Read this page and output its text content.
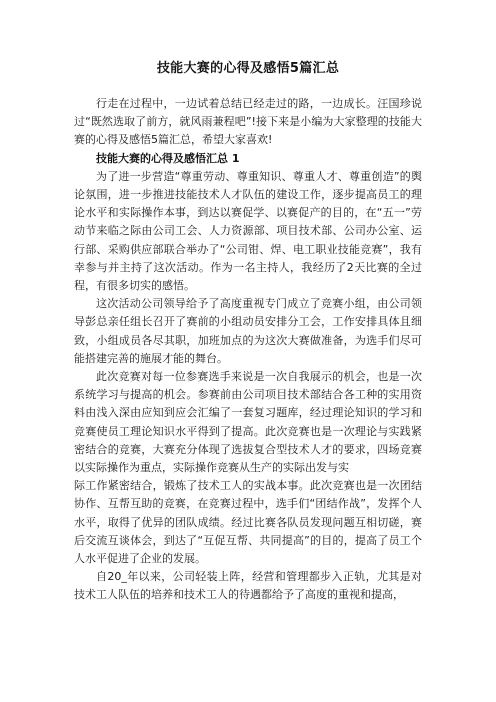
技能大赛的心得及感悟5篇汇总

行走在过程中，一边试着总结已经走过的路，一边成长。汪国珍说过“既然选取了前方，就风雨兼程吧”!接下来是小编为大家整理的技能大赛的心得及感悟5篇汇总，希望大家喜欢!

技能大赛的心得及感悟汇总 1

为了进一步营造“尊重劳动、尊重知识、尊重人才、尊重创造”的舆论氛围，进一步推进技能技术人才队伍的建设工作，逐步提高员工的理论水平和实际操作本事，到达以赛促学、以赛促产的目的，在“五一”劳动节来临之际由公司工会、人力资源部、项目技术部、公司办公室、运行部、采购供应部联合举办了“公司钳、焊、电工职业技能竞赛”，我有幸参与并主持了这次活动。作为一名主持人，我经历了2天比赛的全过程，有很多切实的感悟。

这次活动公司领导给予了高度重视专门成立了竞赛小组，由公司领导彭总亲任组长召开了赛前的小组动员安排分工会，工作安排具体且细致，小组成员各尽其职，加班加点的为这次大赛做准备，为选手们尽可能搭建完善的施展才能的舞台。

此次竞赛对每一位参赛选手来说是一次自我展示的机会，也是一次系统学习与提高的机会。参赛前由公司项目技术部结合各工种的实用资料由浅入深由应知到应会汇编了一套复习题库，经过理论知识的学习和竞赛使员工理论知识水平得到了提高。此次竞赛也是一次理论与实践紧密结合的竞赛，大赛充分体现了选拔复合型技术人才的要求，四场竞赛以实际操作为重点，实际操作竞赛从生产的实际出发与实

际工作紧密结合，锻炼了技术工人的实战本事。此次竞赛也是一次团结协作、互帮互助的竞赛，在竞赛过程中，选手们“团结作战”，发挥个人水平，取得了优异的团队成绩。经过比赛各队员发现问题互相切磋，赛后交流互谈体会，到达了“互促互帮、共同提高”的目的，提高了员工个人水平促进了企业的发展。

自20_年以来，公司轻装上阵，经营和管理都步入正轨，尤其是对技术工人队伍的培养和技术工人的待遇都给予了高度的重视和提高，
